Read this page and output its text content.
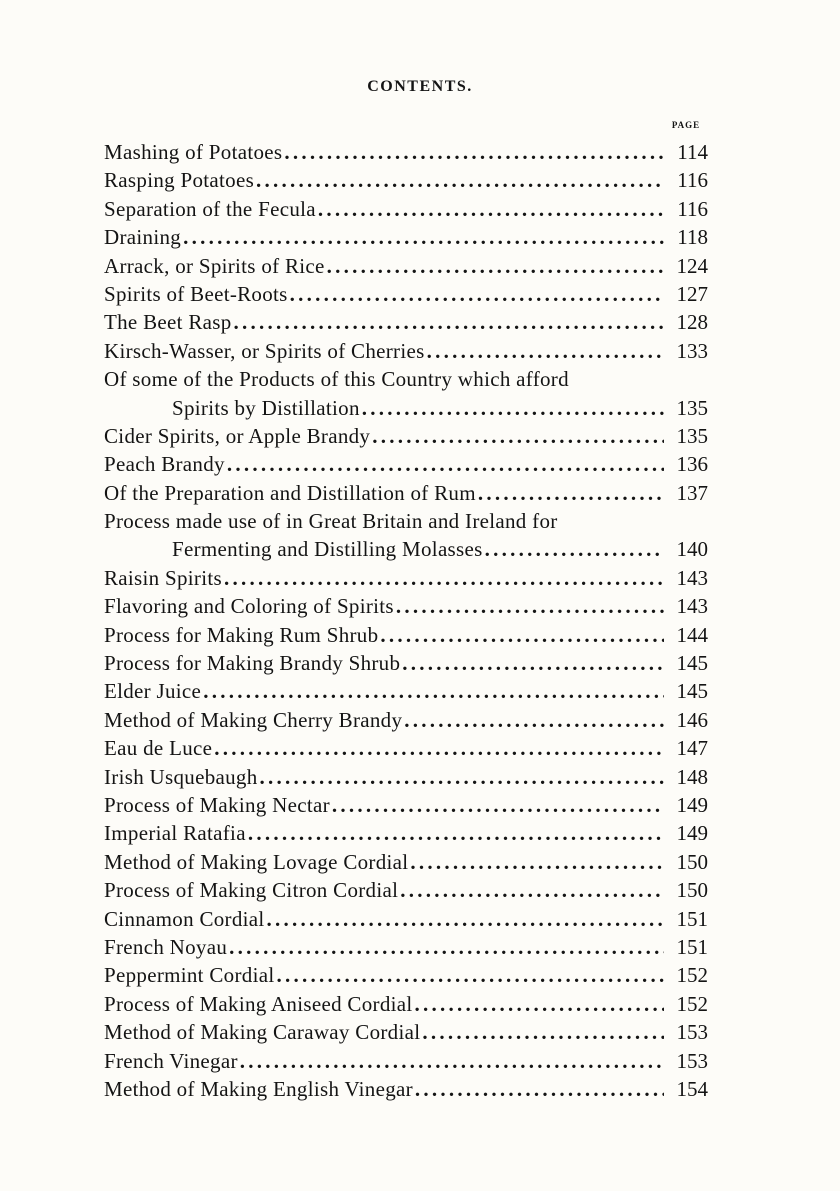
CONTENTS.
PAGE
Mashing of Potatoes . . .	114
Rasping Potatoes . . .	116
Separation of the Fecula . . .	116
Draining . . .	118
Arrack, or Spirits of Rice . . .	124
Spirits of Beet-Roots . . .	127
The Beet Rasp . . .	128
Kirsch-Wasser, or Spirits of Cherries . . .	133
Of some of the Products of this Country which afford
Spirits by Distillation . . .	135
Cider Spirits, or Apple Brandy . . .	135
Peach Brandy . . .	136
Of the Preparation and Distillation of Rum . . .	137
Process made use of in Great Britain and Ireland for
Fermenting and Distilling Molasses . . .	140
Raisin Spirits . . .	143
Flavoring and Coloring of Spirits . . .	143
Process for Making Rum Shrub . . .	144
Process for Making Brandy Shrub . . .	145
Elder Juice . . .	145
Method of Making Cherry Brandy . . .	146
Eau de Luce . . .	147
Irish Usquebaugh . . .	148
Process of Making Nectar . . .	149
Imperial Ratafia . . .	149
Method of Making Lovage Cordial . . .	150
Process of Making Citron Cordial . . .	150
Cinnamon Cordial . . .	151
French Noyau . . .	151
Peppermint Cordial . . .	152
Process of Making Aniseed Cordial . . .	152
Method of Making Caraway Cordial . . .	153
French Vinegar . . .	153
Method of Making English Vinegar . . .	154
